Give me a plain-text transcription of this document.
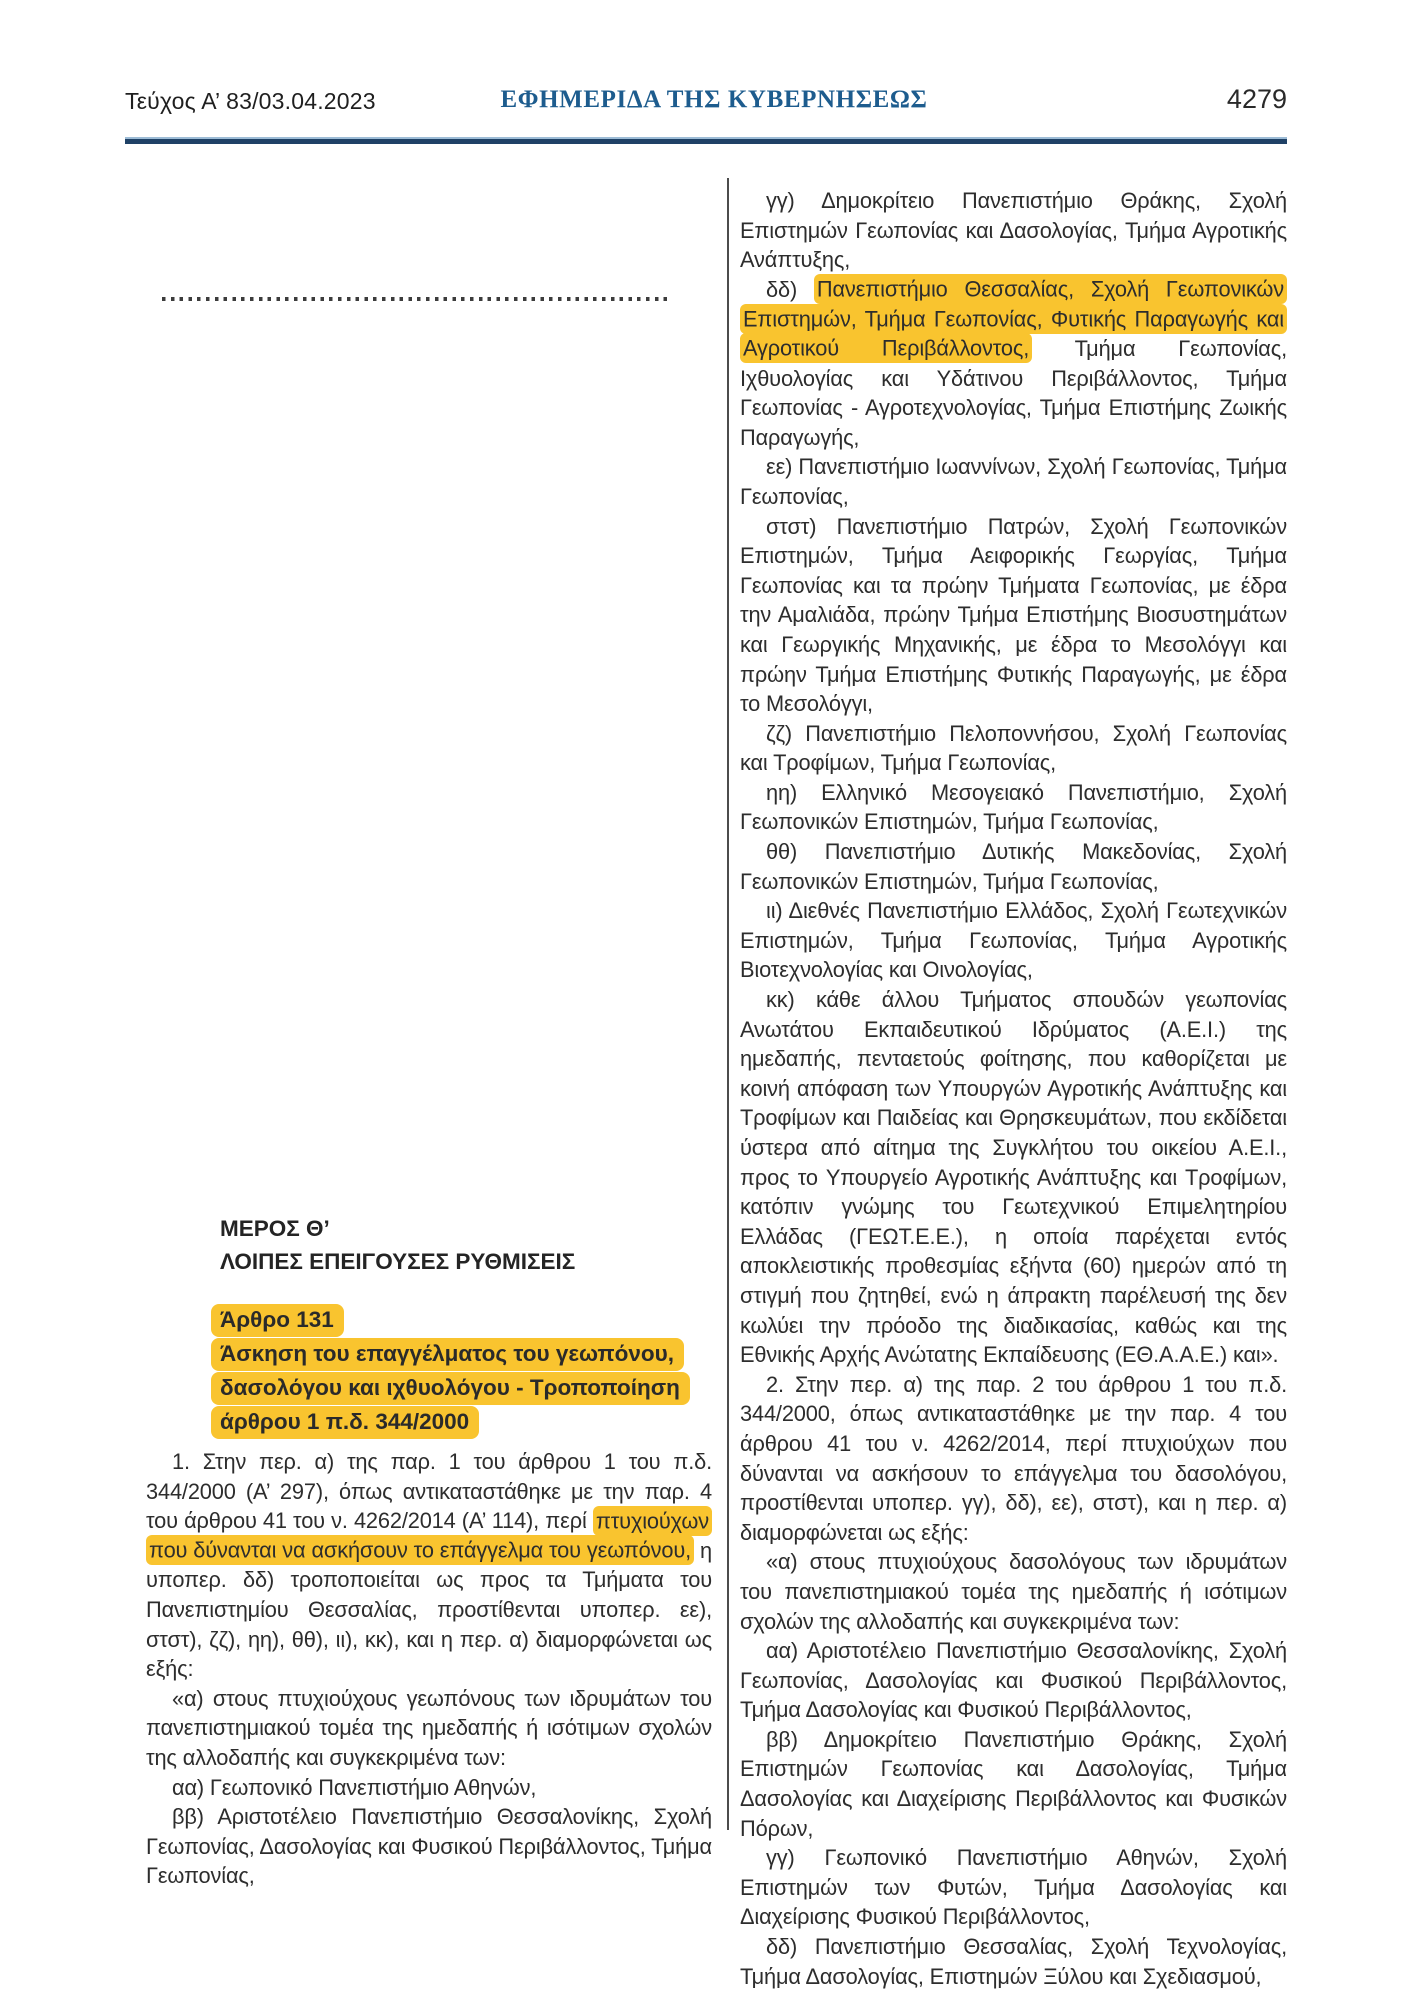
Τεύχος Α’ 83/03.04.2023	ΕΦΗΜΕΡΙΔΑ ΤΗΣ ΚΥΒΕΡΝΗΣΕΩΣ	4279
ΜΕΡΟΣ Θ’
ΛΟΙΠΕΣ ΕΠΕΙΓΟΥΣΕΣ ΡΥΘΜΙΣΕΙΣ
Άρθρο 131
Άσκηση του επαγγέλματος του γεωπόνου,
δασολόγου και ιχθυολόγου - Τροποποίηση
άρθρου 1 π.δ. 344/2000

1. Στην περ. α) της παρ. 1 του άρθρου 1 του π.δ. 344/2000 (Α’ 297), όπως αντικαταστάθηκε με την παρ. 4 του άρθρου 41 του ν. 4262/2014 (Α’ 114), περί πτυχιούχων που δύνανται να ασκήσουν το επάγγελμα του γεωπόνου, η υποπερ. δδ) τροποποιείται ως προς τα Τμήματα του Πανεπιστημίου Θεσσαλίας, προστίθενται υποπερ. εε), στστ), ζζ), ηη), θθ), ιι), κκ), και η περ. α) διαμορφώνεται ως εξής:

«α) στους πτυχιούχους γεωπόνους των ιδρυμάτων του πανεπιστημιακού τομέα της ημεδαπής ή ισότιμων σχολών της αλλοδαπής και συγκεκριμένα των:

αα) Γεωπονικό Πανεπιστήμιο Αθηνών,

ββ) Αριστοτέλειο Πανεπιστήμιο Θεσσαλονίκης, Σχολή Γεωπονίας, Δασολογίας και Φυσικού Περιβάλλοντος, Τμήμα Γεωπονίας,

γγ) Δημοκρίτειο Πανεπιστήμιο Θράκης, Σχολή Επιστημών Γεωπονίας και Δασολογίας, Τμήμα Αγροτικής Ανάπτυξης,

δδ) Πανεπιστήμιο Θεσσαλίας, Σχολή Γεωπονικών Επιστημών, Τμήμα Γεωπονίας, Φυτικής Παραγωγής και Αγροτικού Περιβάλλοντος, Τμήμα Γεωπονίας, Ιχθυολογίας και Υδάτινου Περιβάλλοντος, Τμήμα Γεωπονίας - Αγροτεχνολογίας, Τμήμα Επιστήμης Ζωικής Παραγωγής,

εε) Πανεπιστήμιο Ιωαννίνων, Σχολή Γεωπονίας, Τμήμα Γεωπονίας,

στστ) Πανεπιστήμιο Πατρών, Σχολή Γεωπονικών Επιστημών, Τμήμα Αειφορικής Γεωργίας, Τμήμα Γεωπονίας και τα πρώην Τμήματα Γεωπονίας, με έδρα την Αμαλιάδα, πρώην Τμήμα Επιστήμης Βιοσυστημάτων και Γεωργικής Μηχανικής, με έδρα το Μεσολόγγι και πρώην Τμήμα Επιστήμης Φυτικής Παραγωγής, με έδρα το Μεσολόγγι,

ζζ) Πανεπιστήμιο Πελοποννήσου, Σχολή Γεωπονίας και Τροφίμων, Τμήμα Γεωπονίας,

ηη) Ελληνικό Μεσογειακό Πανεπιστήμιο, Σχολή Γεωπονικών Επιστημών, Τμήμα Γεωπονίας,

θθ) Πανεπιστήμιο Δυτικής Μακεδονίας, Σχολή Γεωπονικών Επιστημών, Τμήμα Γεωπονίας,

ιι) Διεθνές Πανεπιστήμιο Ελλάδος, Σχολή Γεωτεχνικών Επιστημών, Τμήμα Γεωπονίας, Τμήμα Αγροτικής Βιοτεχνολογίας και Οινολογίας,

κκ) κάθε άλλου Τμήματος σπουδών γεωπονίας Ανωτάτου Εκπαιδευτικού Ιδρύματος (Α.Ε.Ι.) της ημεδαπής, πενταετούς φοίτησης, που καθορίζεται με κοινή απόφαση των Υπουργών Αγροτικής Ανάπτυξης και Τροφίμων και Παιδείας και Θρησκευμάτων, που εκδίδεται ύστερα από αίτημα της Συγκλήτου του οικείου Α.Ε.Ι., προς το Υπουργείο Αγροτικής Ανάπτυξης και Τροφίμων, κατόπιν γνώμης του Γεωτεχνικού Επιμελητηρίου Ελλάδας (ΓΕΩΤ.Ε.Ε.), η οποία παρέχεται εντός αποκλειστικής προθεσμίας εξήντα (60) ημερών από τη στιγμή που ζητηθεί, ενώ η άπρακτη παρέλευσή της δεν κωλύει την πρόοδο της διαδικασίας, καθώς και της Εθνικής Αρχής Ανώτατης Εκπαίδευσης (ΕΘ.Α.Α.Ε.) και».

2. Στην περ. α) της παρ. 2 του άρθρου 1 του π.δ. 344/2000, όπως αντικαταστάθηκε με την παρ. 4 του άρθρου 41 του ν. 4262/2014, περί πτυχιούχων που δύνανται να ασκήσουν το επάγγελμα του δασολόγου, προστίθενται υποπερ. γγ), δδ), εε), στστ), και η περ. α) διαμορφώνεται ως εξής:

«α) στους πτυχιούχους δασολόγους των ιδρυμάτων του πανεπιστημιακού τομέα της ημεδαπής ή ισότιμων σχολών της αλλοδαπής και συγκεκριμένα των:

αα) Αριστοτέλειο Πανεπιστήμιο Θεσσαλονίκης, Σχολή Γεωπονίας, Δασολογίας και Φυσικού Περιβάλλοντος, Τμήμα Δασολογίας και Φυσικού Περιβάλλοντος,

ββ) Δημοκρίτειο Πανεπιστήμιο Θράκης, Σχολή Επιστημών Γεωπονίας και Δασολογίας, Τμήμα Δασολογίας και Διαχείρισης Περιβάλλοντος και Φυσικών Πόρων,

γγ) Γεωπονικό Πανεπιστήμιο Αθηνών, Σχολή Επιστημών των Φυτών, Τμήμα Δασολογίας και Διαχείρισης Φυσικού Περιβάλλοντος,

δδ) Πανεπιστήμιο Θεσσαλίας, Σχολή Τεχνολογίας, Τμήμα Δασολογίας, Επιστημών Ξύλου και Σχεδιασμού,
